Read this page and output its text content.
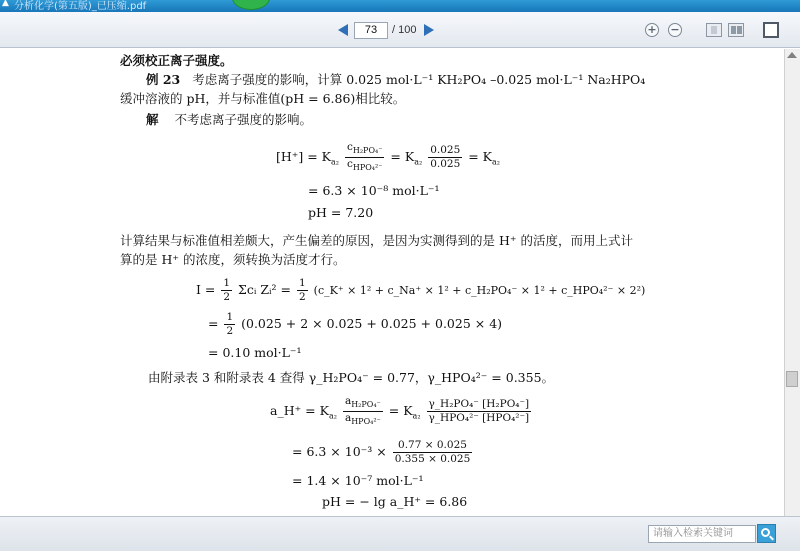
▲ 分析化学(第五版)_已压缩.pdf
73	/ 100	+ −
必须校正离子强度。
例 23 考虑离子强度的影响，计算 0.025 mol·L⁻¹ KH₂PO₄ –0.025 mol·L⁻¹ Na₂HPO₄
缓冲溶液的 pH，并与标准值(pH = 6.86)相比较。
解 不考虑离子强度的影响。
$[H^+] = K_{a_2} \frac{c_{H_2PO_4^-}}{c_{HPO_4^{2-}}} = K_{a_2} \frac{0.025}{0.025} = K_{a_2}$
= 6.3 × 10⁻⁸ mol·L⁻¹
pH = 7.20
计算结果与标准值相差颇大，产生偏差的原因，是因为实测得到的是 H⁺ 的活度，而用上式计
算的是 H⁺ 的浓度，须转换为活度才行。
$I = \frac{1}{2}$ Σcᵢ Zᵢ² = $\frac{1}{2}$ (c_K⁺ × 1² + c_Na⁺ × 1² + c_H₂PO₄⁻ × 1² + c_HPO₄²⁻ × 2²)
= $\frac{1}{2} (0.025 + 2 \times 0.025 + 0.025 + 0.025 \times 4)$
= 0.10 mol·L⁻¹
由附录表 3 和附录表 4 查得 γ_H₂PO₄⁻ = 0.77，γ_HPO₄²⁻ = 0.355。
a_H⁺ = $K_{a_2} \frac{a_{H_2PO_4^-}}{a_{HPO_4^{2-}}} = K_{a_2} \frac{\text{γ\_H₂PO₄⁻ [H₂PO₄⁻]}}{\text{γ\_HPO₄²⁻ [HPO₄²⁻]}}$
= $6.3 \times 10^{-3} \times \frac{0.77 \times 0.025}{0.355 \times 0.025}$
= 1.4 × 10⁻⁷ mol·L⁻¹
pH = − lg a_H⁺ = 6.86
请输入检索关键词
